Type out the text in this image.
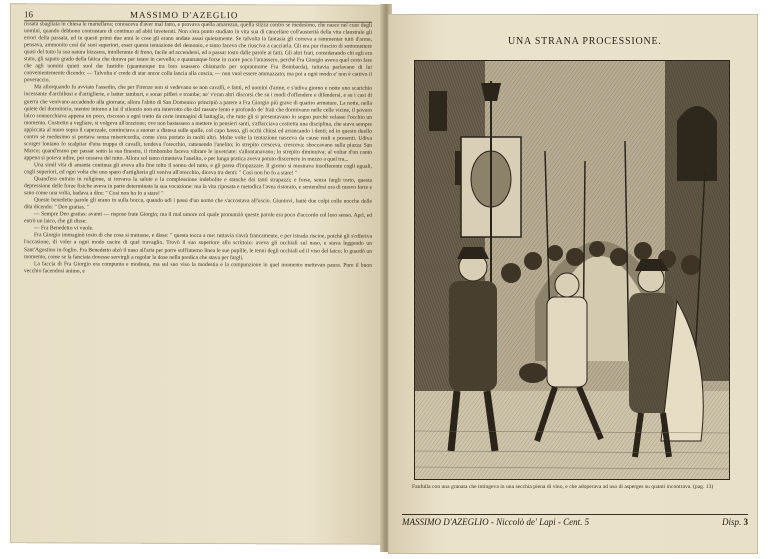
16	MASSIMO D'AZEGLIO

rissata sbagliata in chiesa le martellava; conosceva d'aver mal fatto, e provava quella amarezza, quella stizza contro se medesimo, che nasce nel cuor degli uomini, quando debbono contrastare di continuo ad abiti inveterati. Non s'era punto studiato in vita sua di cancellare coll'austerità della vita claustrale gli errori della passata, ed in questi primi due anni le cose gli erano andate assai quietamente. Se talvolta la fantasia gli correva a rammentar tutti d'arme, pensava, ammonito così da' suoi superiori, esser questa tentazione del demonio, e tanto faceva che riusciva a cacciarla. Gli era pur riuscito di sottomettere quasi del tutto la sua natura bizzarra, intollerante di freno, facile ad accendersi, ed a passar tosto dalle parole ai fatti. Gli altri frati, considerando chi egli era stato, gli saputo grado della fatica che durava per istare in cervello; e quantunque forse in cuore poco l'amassero, perchè Fra Giorgio aveva quel certo fare che agli uomini quieti suol dar fastidio (quantunque tra loro usassero chiamarlo per soprannome Fra Bombarda), tuttavia parlavano di lui convenientemente dicendo: — Talvolta e' crede di star ancor colla lancia alla coscia, — non vuol essere ammazzato; ma poi a ogni modo e' non è cattivo il poveraccio.

Ma allorquando fu avviato l'assedio, che per Firenze non si vedevano se non cavalli, e fanti, ed uomini d'arme, e s'udiva giorno e notte uno scarichio incessante d'archibusi e d'artiglierie, e batter tamburi, e sonar pifferi e trombe; ne' v'eran altri discorsi che su i modi d'offendere e difendersi, e su i casi di guerra che venivano accadendo alla giornata; allora l'abito di San Domenico principiò a parere a Fra Giorgio più grave di quattro armature. La notte, nella quiete del dormitorio, mentre intorno a lui il silenzio non era interrotto che dal russare lento e profondo de' frati che dormivano nelle celle vicine, il povero laico sonnecchiava appena un poco, riscosso a ogni tratto da certe immagini di battaglia, che tutte gli si presentavano in sogno purchè velasse l'occhio un momento. Costretto a vegliare, si volgeva all'orazione; ove non bastassero a mettere in pensieri santi, s'affacciava costretta una disciplina, che stava sempre appiccata al muro sopra il capezzale, cominciava a suonar a distesa sulle spalle, col capo basso, gli occhi chiusi ed arrancando i denti; ed in questo duello contro sè medesimo si portava senza misericordia, come s'era portato in molti altri. Molte volte la tentazione nasceva da cause reali e presenti. Udiva scorger lontano lo scalpitar d'una truppa di cavalli, tendeva l'orecchio, rattenendo l'anelito; lo strepito cresceva, cresceva: sboccavano sulla piazza San Marco; quand'erano per passar sotto la sua finestra, il rimbombo faceva vibrare le invetriate: s'allontanavano; lo strepito diminuiva; al voltar d'un canto appena si poteva udire, poi cessava del tutto. Allora sol tanto rimetteva l'anelito, e per lunga pratica aveva potuto discernere in mezzo a quel tra...

Una simil vita di amanta continua gli aveva alla fine tolto il sonno del tutto, e gli parea d'impazzare. Il giorno si mostrava insofferente cogli eguali, cogli superiori, ed ogni volta che uno sparo d'artiglieria gli veniva all'orecchio, diceva tra denti: " Così non ho fo a stare! "

Quand'era entrato in religione, si trovava la salute e la complessione indebolite e stanche dai tanti strapazzi; e forse, senza fargli torto, questa depressione delle forze fisiche aveva in parte determinata la sua vocazione: ma la vita riposata e metodica l'avea ristorato, e sentendosi ora di nuovo forte e sano come una volta, badava a dire: " Così non ho fo a stare! "

Queste benedette parole gli erano in sulla bocca, quando udì i passi d'un uomo che s'accostava all'uscio. Giuntovi, battè due colpi colle nocche delle dita dicendo: " Deo gratias. "

— Sempre Deo gratias: avanti — rispose frate Giorgio; ma il mal umore col quale pronunziò queste parole era poco d'accordo col loro senso. Aprì, ed entrò un laico, che gli disse:

— Fra Benedetto vi vuole.

Fra Giorgio immaginò tosto di che cosa si trattasse, e disse: " questa tocca a me: tuttavia s'avrà francamente, e per istrada riscioe, poichè gli s'offeriva l'occasione, di voler a ogni modo uscire di quel travaglio. Trovò il suo superiore allo scrittoio: aveva gli occhiali sul naso, e stava leggendo un Sant'Agostino in-foglio. Fra Benedetto alzò il naso all'aria per porre sull'interno linea le sue pupille, le tenni degli occhiali ed il viso del laico; lo guardò un momento, come se la fanciata dovesse servirgli a regolar la dose nella predica che stava per fargli.

La faccia di Fra Giorgio era compunta e modesta, ma sul suo viso la modestia e la compunzione in quel momento mettevan paura. Pure il buon vecchio facendosi animo, e

UNA STRANA PROCESSIONE.
Fanfulla con una granata che intingeva in una secchia piena di vino, e che adoperava ad uso di asperges su quanti incontrava. (pag. 13)
MASSIMO D'AZEGLIO - Niccolò de' Lapi - Cent. 5	Disp. 3
